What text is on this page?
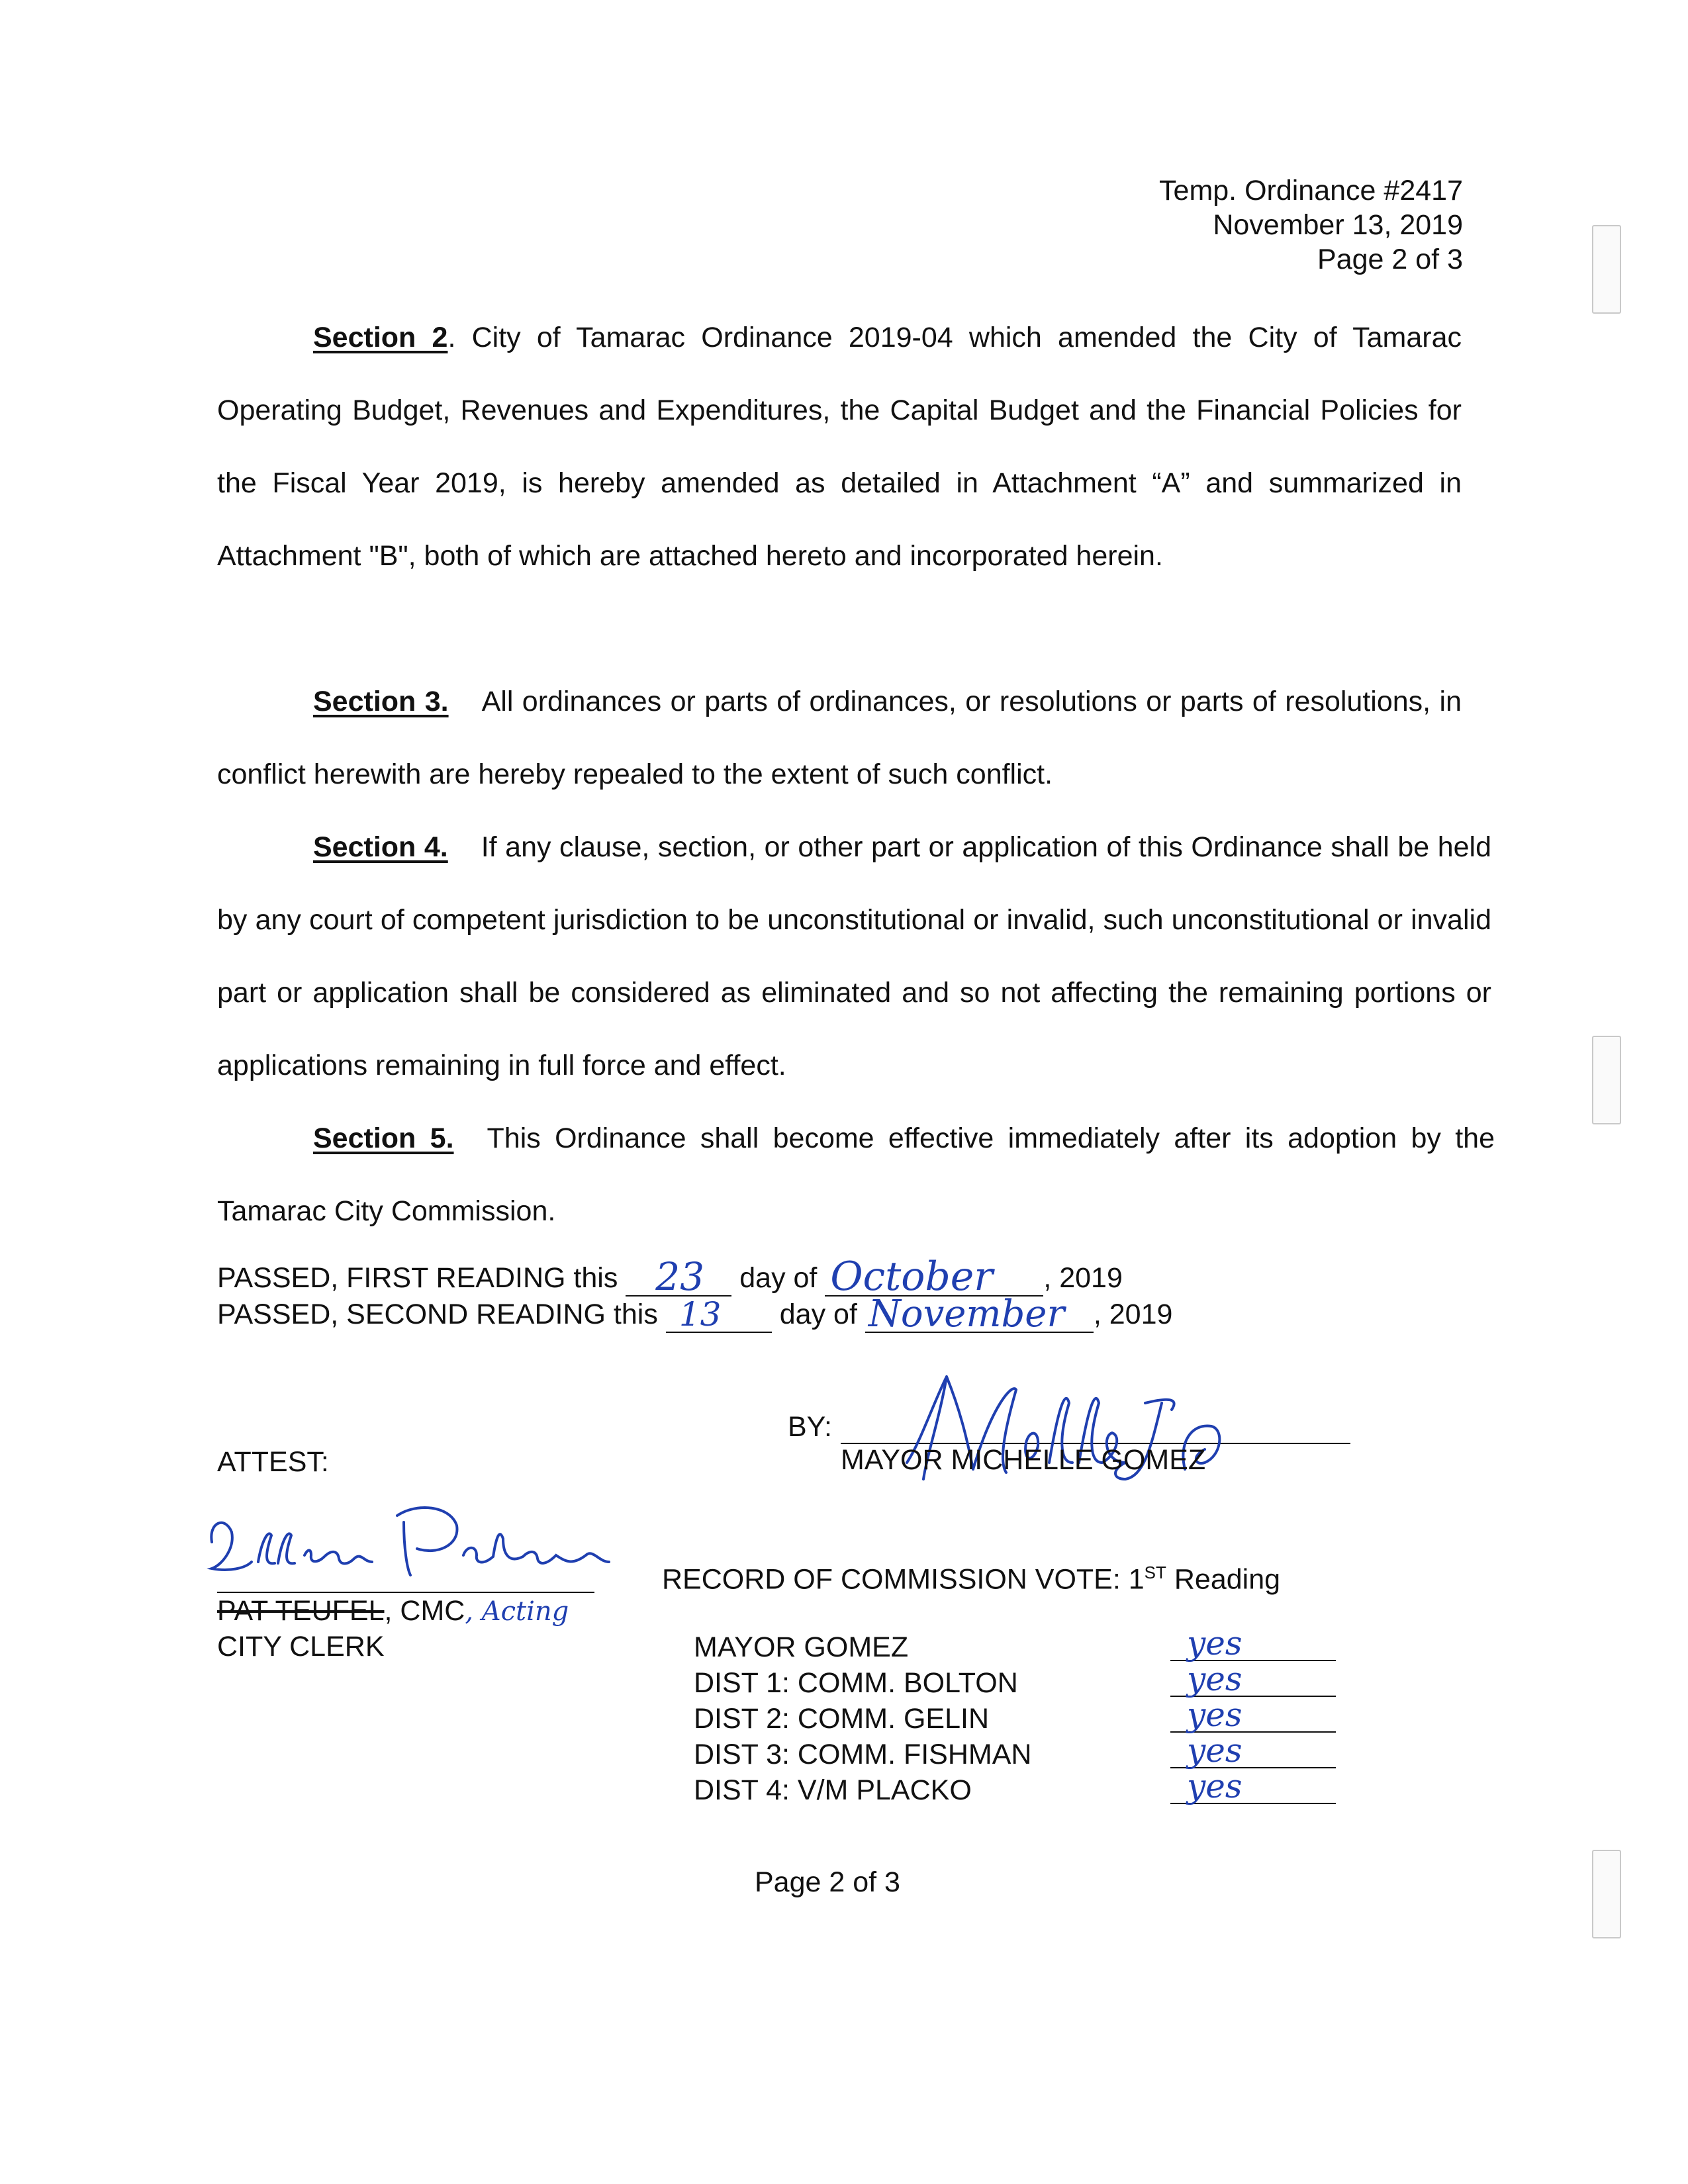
Temp. Ordinance #2417
November 13, 2019
Page 2 of 3
Section 2. City of Tamarac Ordinance 2019-04 which amended the City of Tamarac Operating Budget, Revenues and Expenditures, the Capital Budget and the Financial Policies for the Fiscal Year 2019, is hereby amended as detailed in Attachment “A” and summarized in Attachment "B", both of which are attached hereto and incorporated herein.
Section 3. All ordinances or parts of ordinances, or resolutions or parts of resolutions, in conflict herewith are hereby repealed to the extent of such conflict.
Section 4. If any clause, section, or other part or application of this Ordinance shall be held by any court of competent jurisdiction to be unconstitutional or invalid, such unconstitutional or invalid part or application shall be considered as eliminated and so not affecting the remaining portions or applications remaining in full force and effect.
Section 5. This Ordinance shall become effective immediately after its adoption by the Tamarac City Commission.
PASSED, FIRST READING this 23 day of October , 2019
PASSED, SECOND READING this 13 day of November , 2019
BY:
MAYOR MICHELLE GOMEZ
ATTEST:
PAT TEUFEL, CMC, Acting
CITY CLERK
RECORD OF COMMISSION VOTE: 1ST Reading
MAYOR GOMEZ	yes
DIST 1: COMM. BOLTON	yes
DIST 2: COMM. GELIN	yes
DIST 3: COMM. FISHMAN	yes
DIST 4: V/M PLACKO	yes
Page 2 of 3
